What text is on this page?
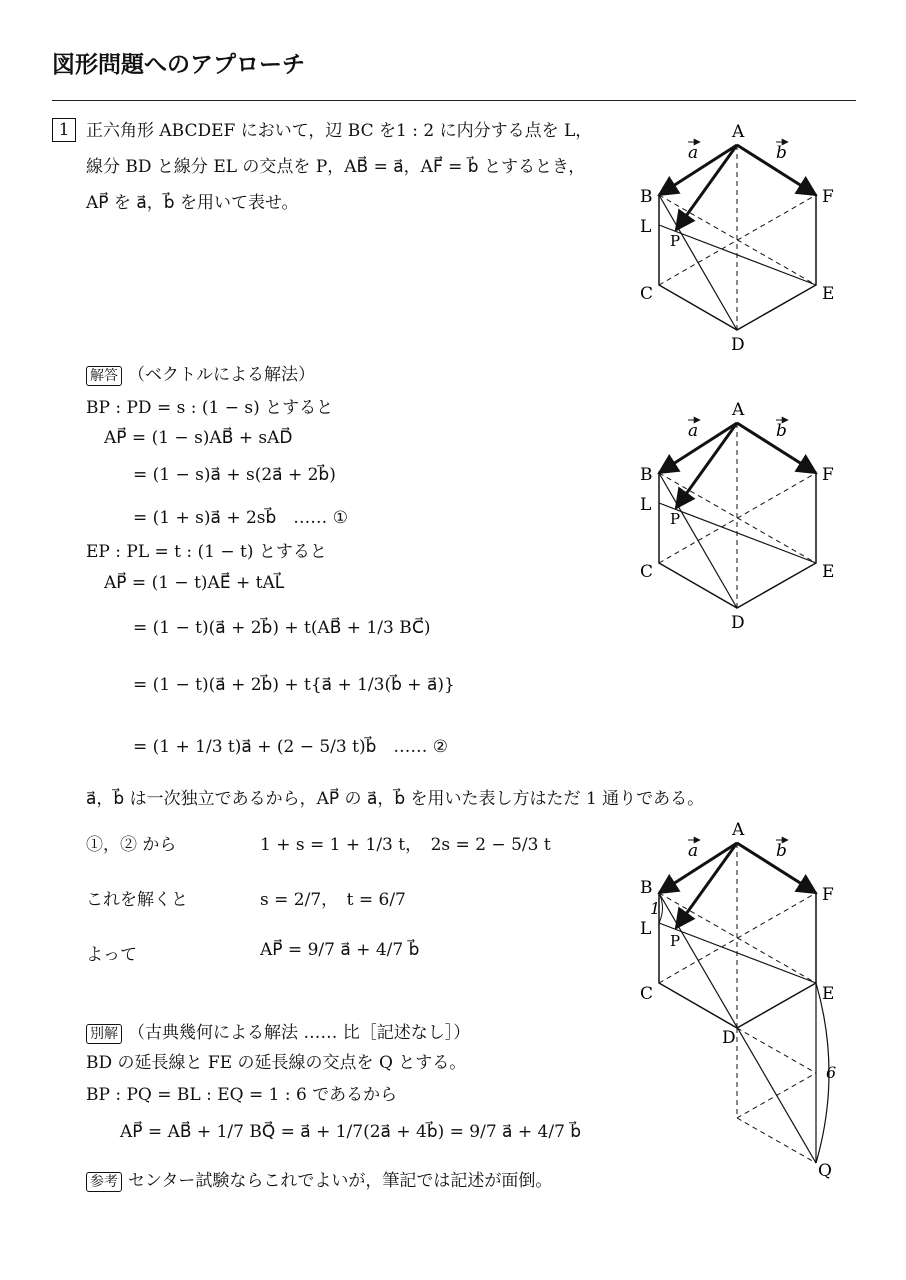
図形問題へのアプローチ
1 正六角形 ABCDEF において，辺 BC を1 : 2 に内分する点を L，
線分 BD と線分 EL の交点を P，AB⃗ = a⃗，AF⃗ = b⃗ とするとき，
AP⃗ を a⃗，b⃗ を用いて表せ。
A
B
C
D
E
F
L
P
a	b
解答 （ベクトルによる解法）
BP : PD = s : (1 − s) とすると
AP⃗ = (1 − s)AB⃗ + sAD⃗
= (1 − s)a⃗ + s(2a⃗ + 2b⃗)
= (1 + s)a⃗ + 2sb⃗　…… ①
EP : PL = t : (1 − t) とすると
AP⃗ = (1 − t)AE⃗ + tAL⃗
= (1 − t)(a⃗ + 2b⃗) + t(AB⃗ + 1/3 BC⃗)
= (1 − t)(a⃗ + 2b⃗) + t{a⃗ + 1/3(b⃗ + a⃗)}
= (1 + 1/3 t)a⃗ + (2 − 5/3 t)b⃗　…… ②
A
B
C
D
E
F
L
P
a	b
a⃗，b⃗ は一次独立であるから，AP⃗ の a⃗，b⃗ を用いた表し方はただ 1 通りである。
①，② から	1 + s = 1 + 1/3 t，　2s = 2 − 5/3 t
これを解くと	s = 2/7，　t = 6/7
よって	AP⃗ = 9/7 a⃗ + 4/7 b⃗
A
B
C
D
E
F
L
P
Q
1
6
a	b
別解 （古典幾何による解法 …… 比［記述なし］）
BD の延長線と FE の延長線の交点を Q とする。
BP : PQ = BL : EQ = 1 : 6 であるから
AP⃗ = AB⃗ + 1/7 BQ⃗ = a⃗ + 1/7(2a⃗ + 4b⃗) = 9/7 a⃗ + 4/7 b⃗
参考 センター試験ならこれでよいが，筆記では記述が面倒。
